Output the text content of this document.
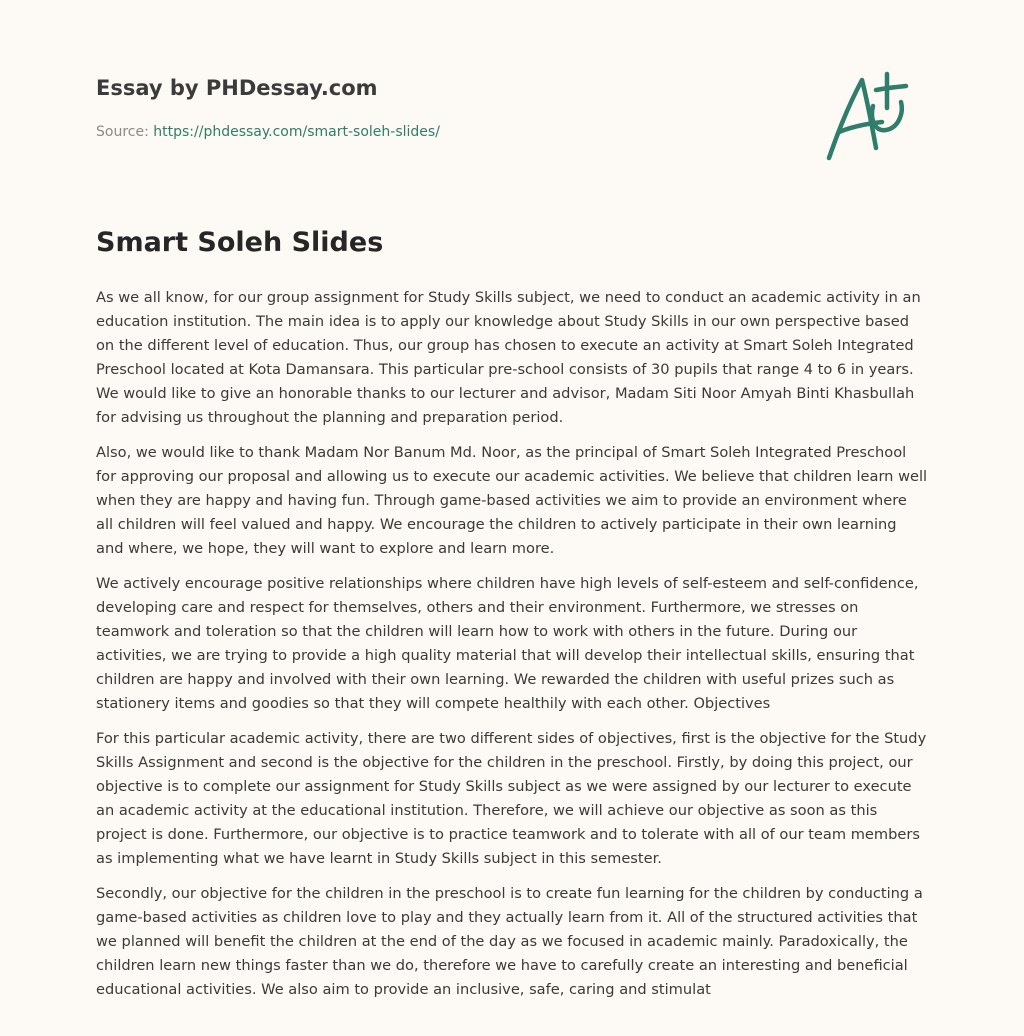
Essay by PHDessay.com

Source: https://phdessay.com/smart-soleh-slides/

Smart Soleh Slides

As we all know, for our group assignment for Study Skills subject, we need to conduct an academic activity in an education institution. The main idea is to apply our knowledge about Study Skills in our own perspective based on the different level of education. Thus, our group has chosen to execute an activity at Smart Soleh Integrated Preschool located at Kota Damansara. This particular pre-school consists of 30 pupils that range 4 to 6 in years. We would like to give an honorable thanks to our lecturer and advisor, Madam Siti Noor Amyah Binti Khasbullah for advising us throughout the planning and preparation period.

Also, we would like to thank Madam Nor Banum Md. Noor, as the principal of Smart Soleh Integrated Preschool for approving our proposal and allowing us to execute our academic activities. We believe that children learn well when they are happy and having fun. Through game-based activities we aim to provide an environment where all children will feel valued and happy. We encourage the children to actively participate in their own learning and where, we hope, they will want to explore and learn more.

We actively encourage positive relationships where children have high levels of self-esteem and self-confidence, developing care and respect for themselves, others and their environment. Furthermore, we stresses on teamwork and toleration so that the children will learn how to work with others in the future. During our activities, we are trying to provide a high quality material that will develop their intellectual skills, ensuring that children are happy and involved with their own learning. We rewarded the children with useful prizes such as stationery items and goodies so that they will compete healthily with each other. Objectives

For this particular academic activity, there are two different sides of objectives, first is the objective for the Study Skills Assignment and second is the objective for the children in the preschool. Firstly, by doing this project, our objective is to complete our assignment for Study Skills subject as we were assigned by our lecturer to execute an academic activity at the educational institution. Therefore, we will achieve our objective as soon as this project is done. Furthermore, our objective is to practice teamwork and to tolerate with all of our team members as implementing what we have learnt in Study Skills subject in this semester.

Secondly, our objective for the children in the preschool is to create fun learning for the children by conducting a game-based activities as children love to play and they actually learn from it. All of the structured activities that we planned will benefit the children at the end of the day as we focused in academic mainly. Paradoxically, the children learn new things faster than we do, therefore we have to carefully create an interesting and beneficial educational activities. We also aim to provide an inclusive, safe, caring and stimulat
